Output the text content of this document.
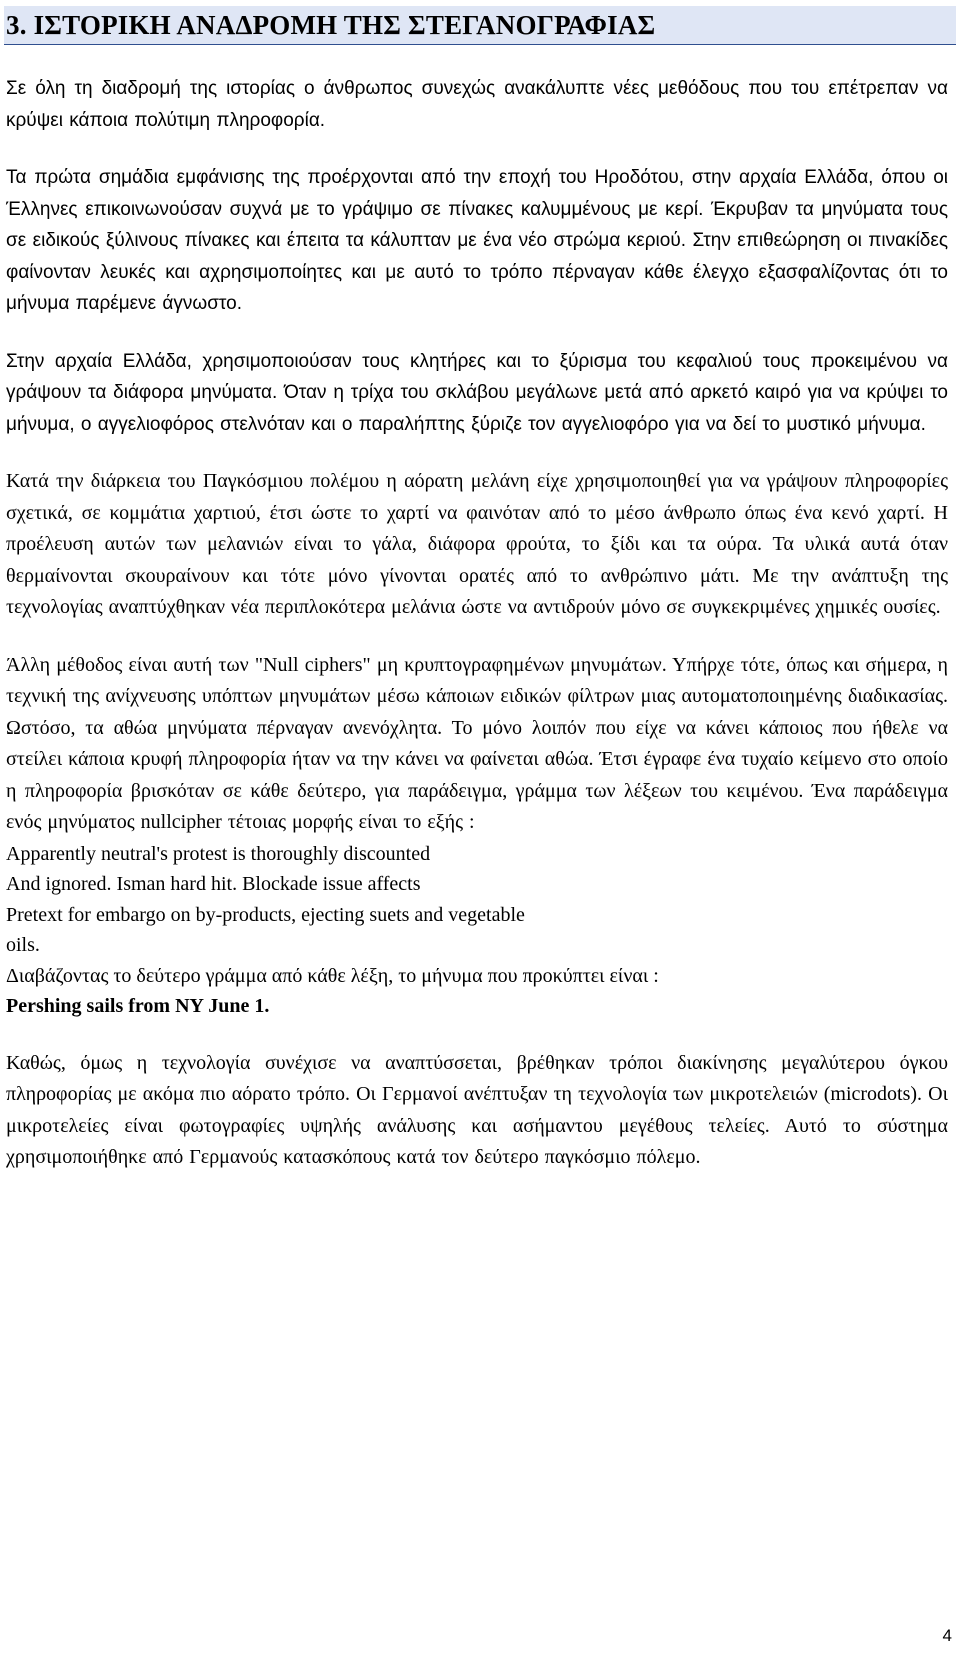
3. ΙΣΤΟΡΙΚΗ ΑΝΑΔΡΟΜΗ ΤΗΣ ΣΤΕΓΑΝΟΓΡΑΦΙΑΣ

Σε όλη τη διαδρομή της ιστορίας ο άνθρωπος συνεχώς ανακάλυπτε νέες μεθόδους που του επέτρεπαν να κρύψει κάποια πολύτιμη πληροφορία.

Τα πρώτα σημάδια εμφάνισης της προέρχονται από την εποχή του Ηροδότου, στην αρχαία Ελλάδα, όπου οι Έλληνες επικοινωνούσαν συχνά με το γράψιμο σε πίνακες καλυμμένους με κερί. Έκρυβαν τα μηνύματα τους σε ειδικούς ξύλινους πίνακες και έπειτα τα κάλυπταν με ένα νέο στρώμα κεριού. Στην επιθεώρηση οι πινακίδες φαίνονταν λευκές και αχρησιμοποίητες και με αυτό το τρόπο πέρναγαν κάθε έλεγχο εξασφαλίζοντας ότι το μήνυμα παρέμενε άγνωστο.

Στην αρχαία Ελλάδα, χρησιμοποιούσαν τους κλητήρες και το ξύρισμα του κεφαλιού τους προκειμένου να γράψουν τα διάφορα μηνύματα. Όταν η τρίχα του σκλάβου μεγάλωνε μετά από αρκετό καιρό για να κρύψει το μήνυμα, ο αγγελιοφόρος στελνόταν και ο παραλήπτης ξύριζε τον αγγελιοφόρο για να δεί το μυστικό μήνυμα.

Κατά την διάρκεια του Παγκόσμιου πολέμου η αόρατη μελάνη είχε χρησιμοποιηθεί για να γράψουν πληροφορίες σχετικά, σε κομμάτια χαρτιού, έτσι ώστε το χαρτί να φαινόταν από το μέσο άνθρωπο όπως ένα κενό χαρτί. Η προέλευση αυτών των μελανιών είναι το γάλα, διάφορα φρούτα, το ξίδι και τα ούρα. Τα υλικά αυτά όταν θερμαίνονται σκουραίνουν και τότε μόνο γίνονται ορατές από το ανθρώπινο μάτι. Με την ανάπτυξη της τεχνολογίας αναπτύχθηκαν νέα περιπλοκότερα μελάνια ώστε να αντιδρούν μόνο σε συγκεκριμένες χημικές ουσίες.

Άλλη μέθοδος είναι αυτή των "Null ciphers" μη κρυπτογραφημένων μηνυμάτων. Υπήρχε τότε, όπως και σήμερα, η τεχνική της ανίχνευσης υπόπτων μηνυμάτων μέσω κάποιων ειδικών φίλτρων μιας αυτοματοποιημένης διαδικασίας. Ωστόσο, τα αθώα μηνύματα πέρναγαν ανενόχλητα. Το μόνο λοιπόν που είχε να κάνει κάποιος που ήθελε να στείλει κάποια κρυφή πληροφορία ήταν να την κάνει να φαίνεται αθώα. Έτσι έγραφε ένα τυχαίο κείμενο στο οποίο η πληροφορία βρισκόταν σε κάθε δεύτερο, για παράδειγμα, γράμμα των λέξεων του κειμένου. Ένα παράδειγμα ενός μηνύματος nullcipher τέτοιας μορφής είναι το εξής :

Apparently neutral's protest is thoroughly discounted
And ignored. Isman hard hit. Blockade issue affects
Pretext for embargo on by-products, ejecting suets and vegetable
oils.
Διαβάζοντας το δεύτερο γράμμα από κάθε λέξη, το μήνυμα που προκύπτει είναι :
Pershing sails from NY June 1.

Καθώς, όμως η τεχνολογία συνέχισε να αναπτύσσεται, βρέθηκαν τρόποι διακίνησης μεγαλύτερου όγκου πληροφορίας με ακόμα πιο αόρατο τρόπο. Οι Γερμανοί ανέπτυξαν τη τεχνολογία των μικροτελειών (microdots). Οι μικροτελείες είναι φωτογραφίες υψηλής ανάλυσης και ασήμαντου μεγέθους τελείες. Αυτό το σύστημα χρησιμοποιήθηκε από Γερμανούς κατασκόπους κατά τον δεύτερο παγκόσμιο πόλεμο.

4
